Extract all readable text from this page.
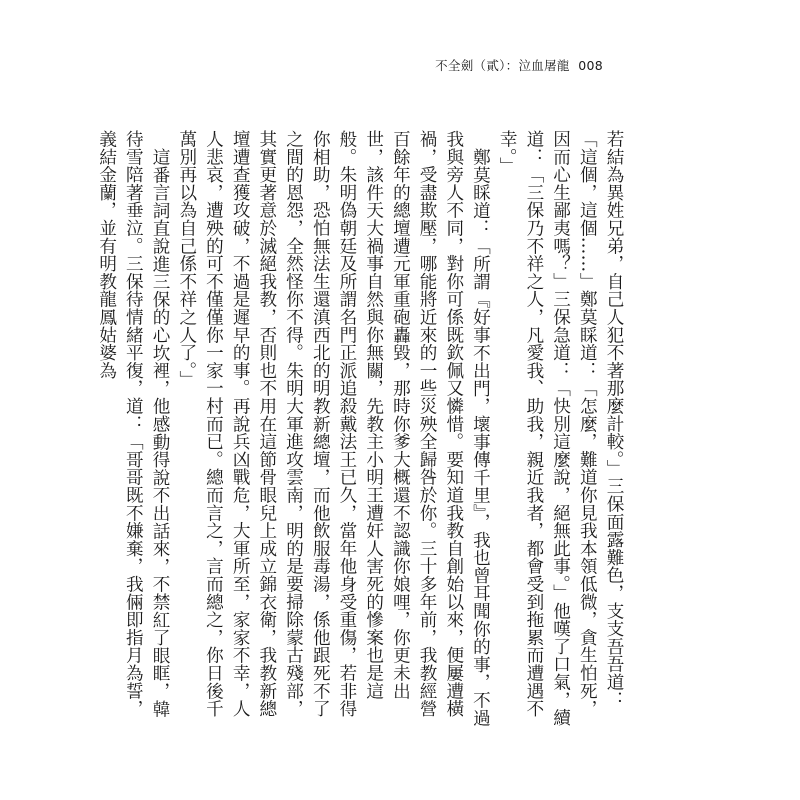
不全劍（貳）：泣血屠龍 008

若結為異姓兄弟，自己人犯不著那麼計較。」三保面露難色，支支吾吾道：「這個，這個……」鄭莫睬道：「怎麼，難道你見我本領低微，貪生怕死，因而心生鄙夷嗎？」三保急道：「快別這麼說，絕無此事。」他嘆了口氣，續道：「三保乃不祥之人，凡愛我、助我，親近我者，都會受到拖累而遭遇不幸。」

鄭莫睬道：「所謂『好事不出門，壞事傳千里』，我也曾耳聞你的事，不過我與旁人不同，對你可係既欽佩又憐惜。要知道我教自創始以來，便屢遭橫禍，受盡欺壓，哪能將近來的一些災殃全歸咎於你。三十多年前，我教經營百餘年的總壇遭元軍重砲轟毀，那時你爹大概還不認識你娘哩，你更未出世，該件天大禍事自然與你無關，先教主小明王遭奸人害死的慘案也是這般。朱明偽朝廷及所謂名門正派追殺戴法王已久，當年他身受重傷，若非得你相助，恐怕無法生還滇西北的明教新總壇，而他飲服毒湯，係他跟死不了之間的恩怨，全然怪你不得。朱明大軍進攻雲南，明的是要掃除蒙古殘部，其實更著意於滅絕我教，否則也不用在這節骨眼兒上成立錦衣衛，我教新總壇遭查獲攻破，不過是遲早的事。再說兵凶戰危，大軍所至，家家不幸，人人悲哀，遭殃的可不僅僅你一家一村而已。總而言之，言而總之，你日後千萬別再以為自己係不祥之人了。」

這番言詞直說進三保的心坎裡，他感動得說不出話來，不禁紅了眼眶，韓待雪陪著垂泣。三保待情緒平復，道：「哥哥既不嫌棄，我倆即指月為誓，義結金蘭，並有明教龍鳳姑婆為
